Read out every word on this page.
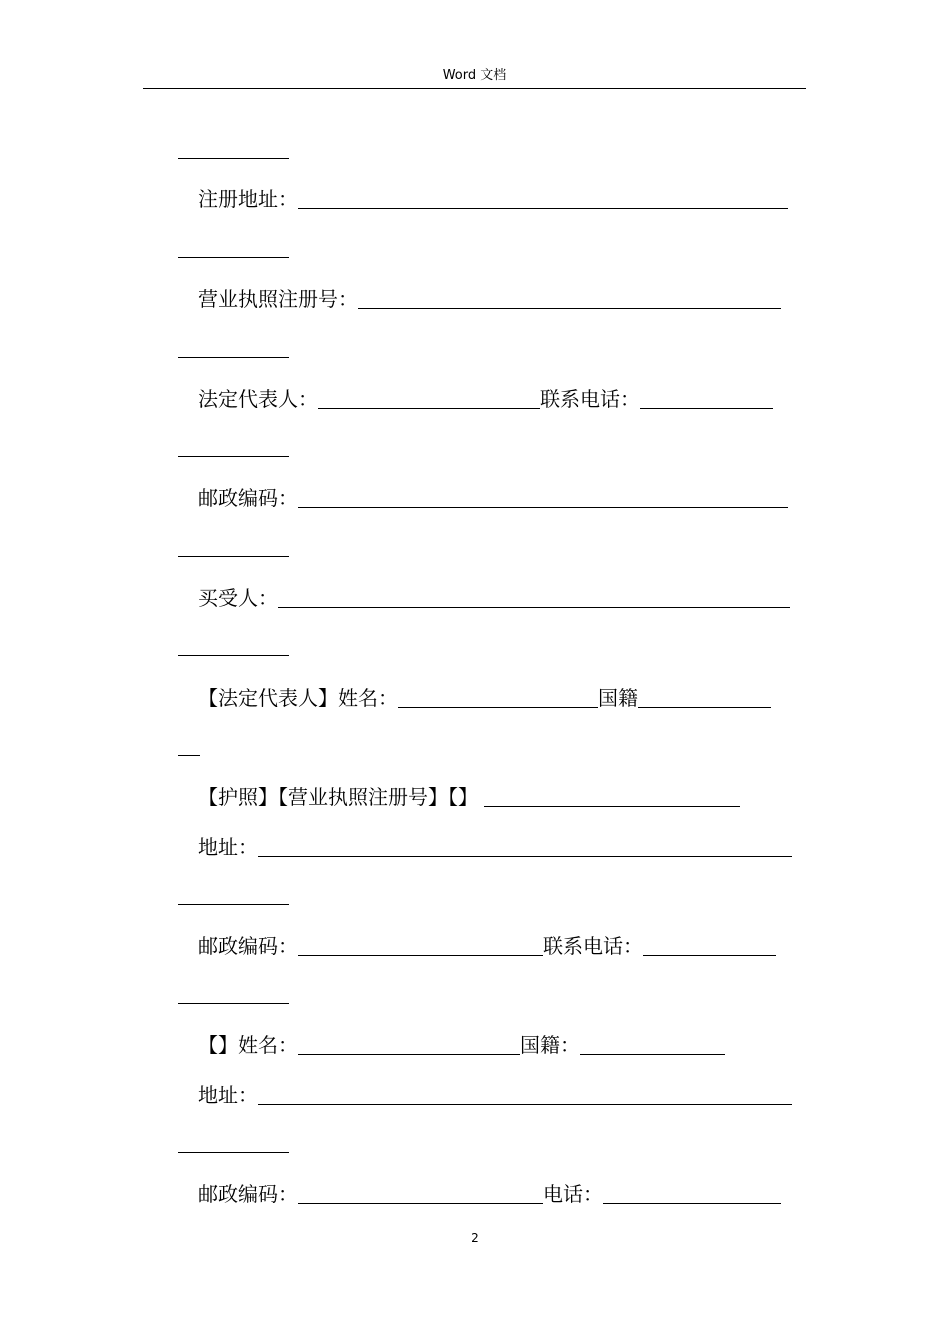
Word 文档
注册地址：
营业执照注册号：
法定代表人：	联系电话：
邮政编码：
买受人：
【法定代表人】姓名：	国籍
【护照】【营业执照注册号】【】
地址：
邮政编码：	联系电话：
【】姓名：	国籍：
地址：
邮政编码：	电话：
2
